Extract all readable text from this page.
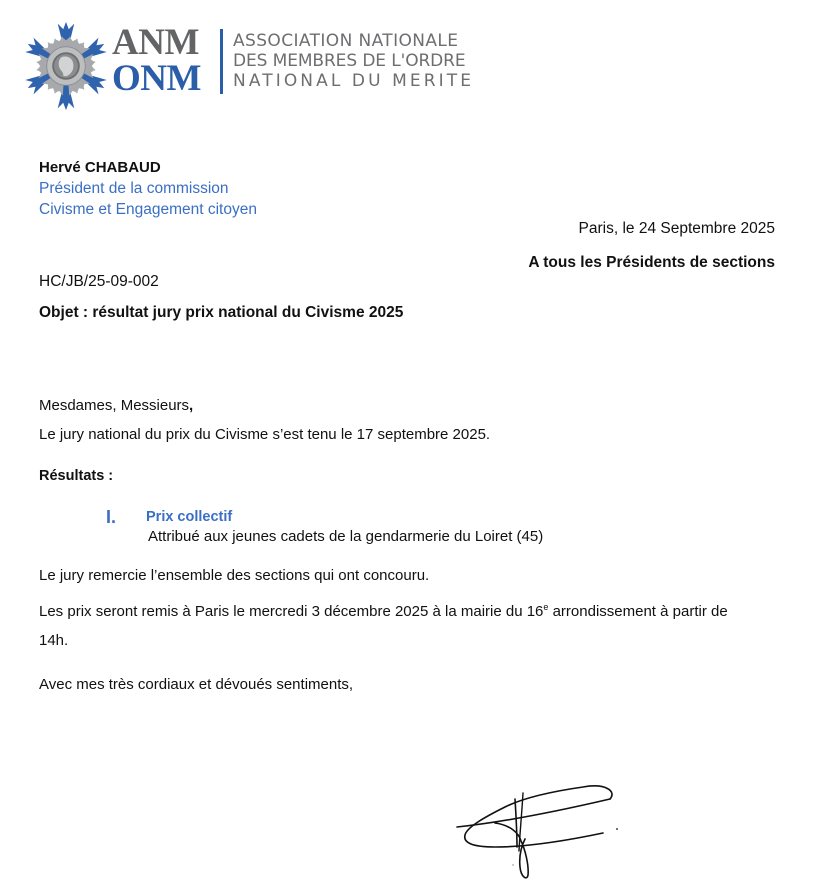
ANM
ONM
ASSOCIATION NATIONALE
DES MEMBRES DE L'ORDRE
NATIONAL DU MERITE
Hervé CHABAUD
Président de la commission
Civisme et Engagement citoyen
Paris, le 24 Septembre 2025
A tous les Présidents de sections
HC/JB/25-09-002
Objet : résultat jury prix national du Civisme 2025
Mesdames, Messieurs,
Le jury national du prix du Civisme s’est tenu le 17 septembre 2025.
Résultats :
I. Prix collectif
Attribué aux jeunes cadets de la gendarmerie du Loiret (45)
Le jury remercie l’ensemble des sections qui ont concouru.
Les prix seront remis à Paris le mercredi 3 décembre 2025 à la mairie du 16e arrondissement à partir de
14h.
Avec mes très cordiaux et dévoués sentiments,
